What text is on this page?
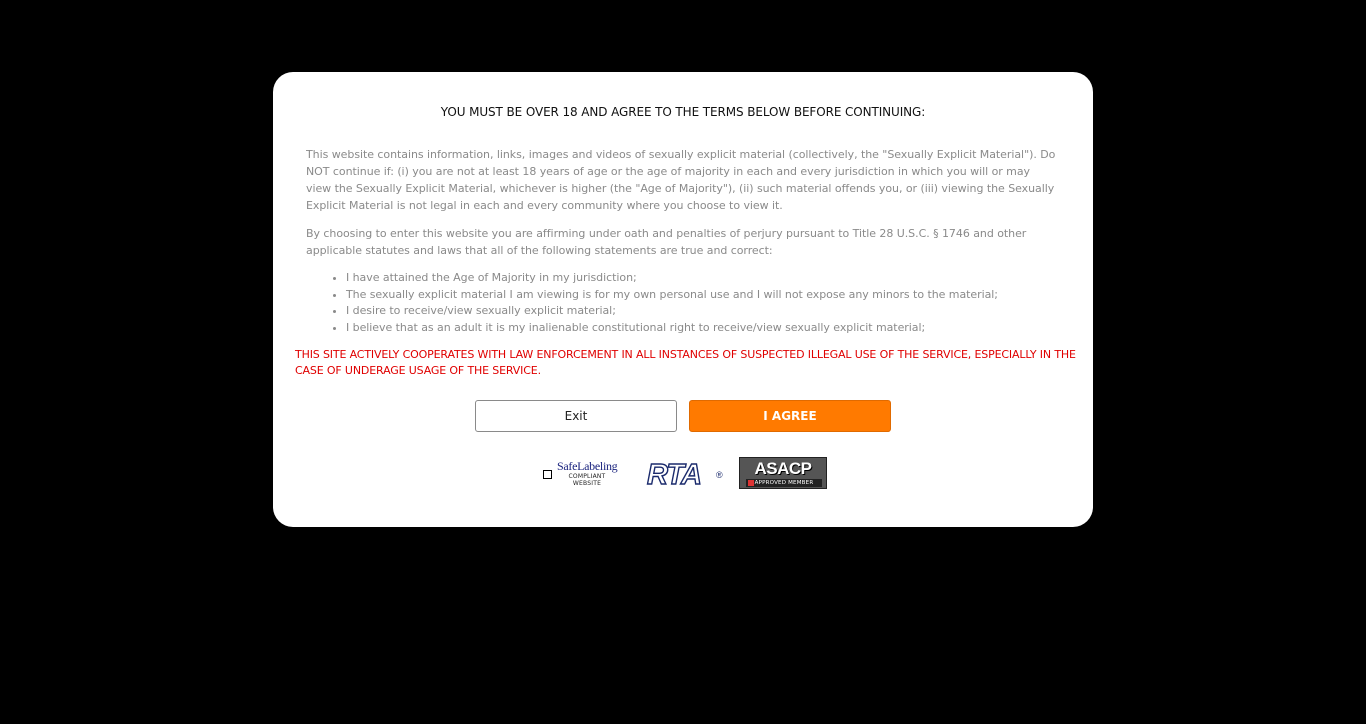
YOU MUST BE OVER 18 AND AGREE TO THE TERMS BELOW BEFORE CONTINUING:

This website contains information, links, images and videos of sexually explicit material (collectively, the "Sexually Explicit Material"). Do NOT continue if: (i) you are not at least 18 years of age or the age of majority in each and every jurisdiction in which you will or may view the Sexually Explicit Material, whichever is higher (the "Age of Majority"), (ii) such material offends you, or (iii) viewing the Sexually Explicit Material is not legal in each and every community where you choose to view it.

By choosing to enter this website you are affirming under oath and penalties of perjury pursuant to Title 28 U.S.C. § 1746 and other applicable statutes and laws that all of the following statements are true and correct:

• I have attained the Age of Majority in my jurisdiction;
• The sexually explicit material I am viewing is for my own personal use and I will not expose any minors to the material;
• I desire to receive/view sexually explicit material;
• I believe that as an adult it is my inalienable constitutional right to receive/view sexually explicit material;
THIS SITE ACTIVELY COOPERATES WITH LAW ENFORCEMENT IN ALL INSTANCES OF SUSPECTED ILLEGAL USE OF THE SERVICE, ESPECIALLY IN THE CASE OF UNDERAGE USAGE OF THE SERVICE.
Exit	I AGREE
SafeLabeling
COMPLIANT WEBSITE	RTA ®	ASACP
APPROVED MEMBER
